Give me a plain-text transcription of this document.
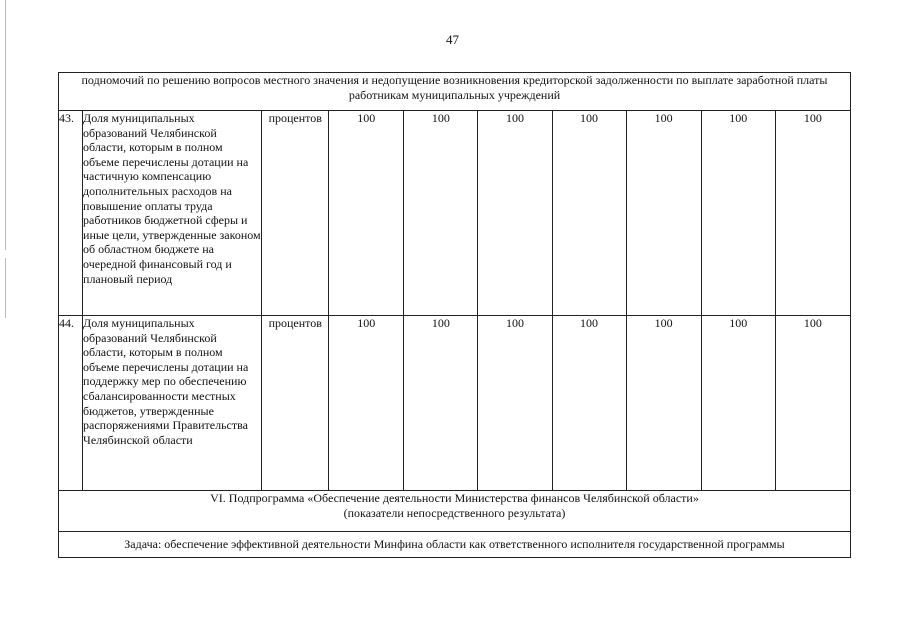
47
подномочий по решению вопросов местного значения и недопущение возникновения кредиторской задолженности по выплате заработной платы работникам муниципальных учреждений									
43.	Доля муниципальных образований Челябинской области, которым в полном объеме перечислены дотации на частичную компенсацию дополнительных расходов на повышение оплаты труда работников бюджетной сферы и иные цели, утвержденные законом об областном бюджете на очередной финансовый год и плановый период	процентов	100	100	100	100	100	100	100
44.	Доля муниципальных образований Челябинской области, которым в полном объеме перечислены дотации на поддержку мер по обеспечению сбалансированности местных бюджетов, утвержденные распоряжениями Правительства Челябинской области	процентов	100	100	100	100	100	100	100

VI. Подпрограмма «Обеспечение деятельности Министерства финансов Челябинской области»
(показатели непосредственного результата)									

Задача: обеспечение эффективной деятельности Минфина области как ответственного исполнителя государственной программы									
